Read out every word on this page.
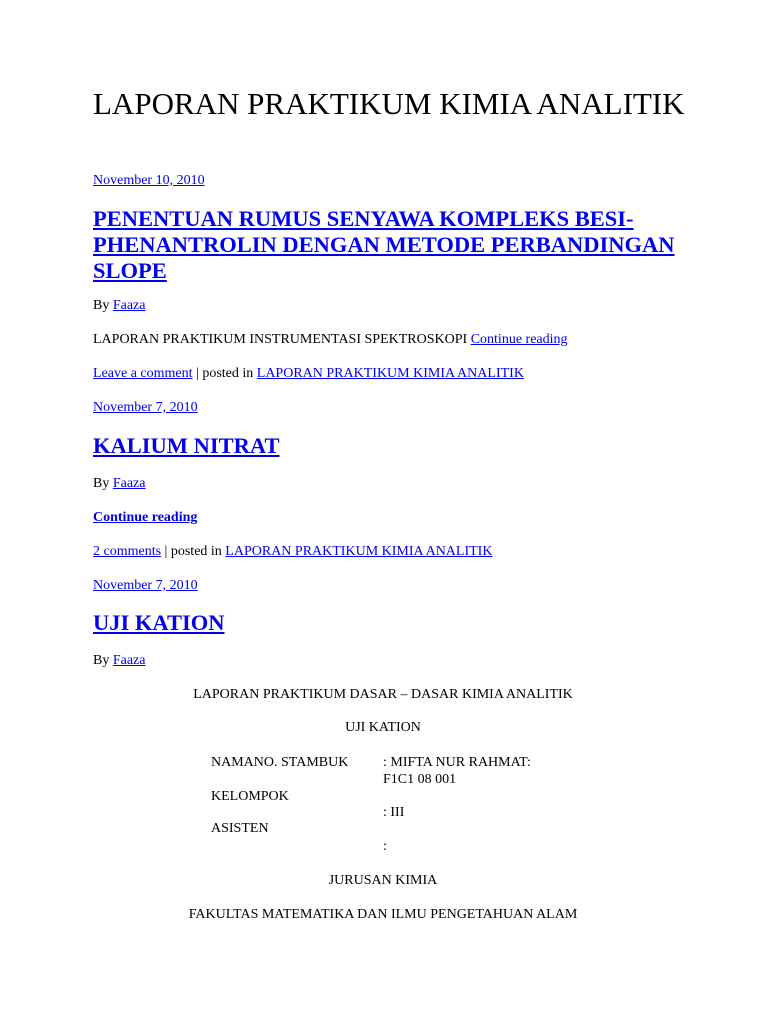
LAPORAN PRAKTIKUM KIMIA ANALITIK
November 10, 2010
PENENTUAN RUMUS SENYAWA KOMPLEKS BESI-PHENANTROLIN DENGAN METODE PERBANDINGAN SLOPE
By Faaza
LAPORAN PRAKTIKUM INSTRUMENTASI SPEKTROSKOPI Continue reading
Leave a comment | posted in LAPORAN PRAKTIKUM KIMIA ANALITIK
November 7, 2010
KALIUM NITRAT
By Faaza
Continue reading
2 comments | posted in LAPORAN PRAKTIKUM KIMIA ANALITIK
November 7, 2010
UJI KATION
By Faaza
LAPORAN PRAKTIKUM DASAR – DASAR KIMIA ANALITIK
UJI KATION
NAMANO. STAMBUK
KELOMPOK
ASISTEN
: MIFTA NUR RAHMAT:
F1C1 08 001
: III
:
JURUSAN KIMIA
FAKULTAS MATEMATIKA DAN ILMU PENGETAHUAN ALAM
